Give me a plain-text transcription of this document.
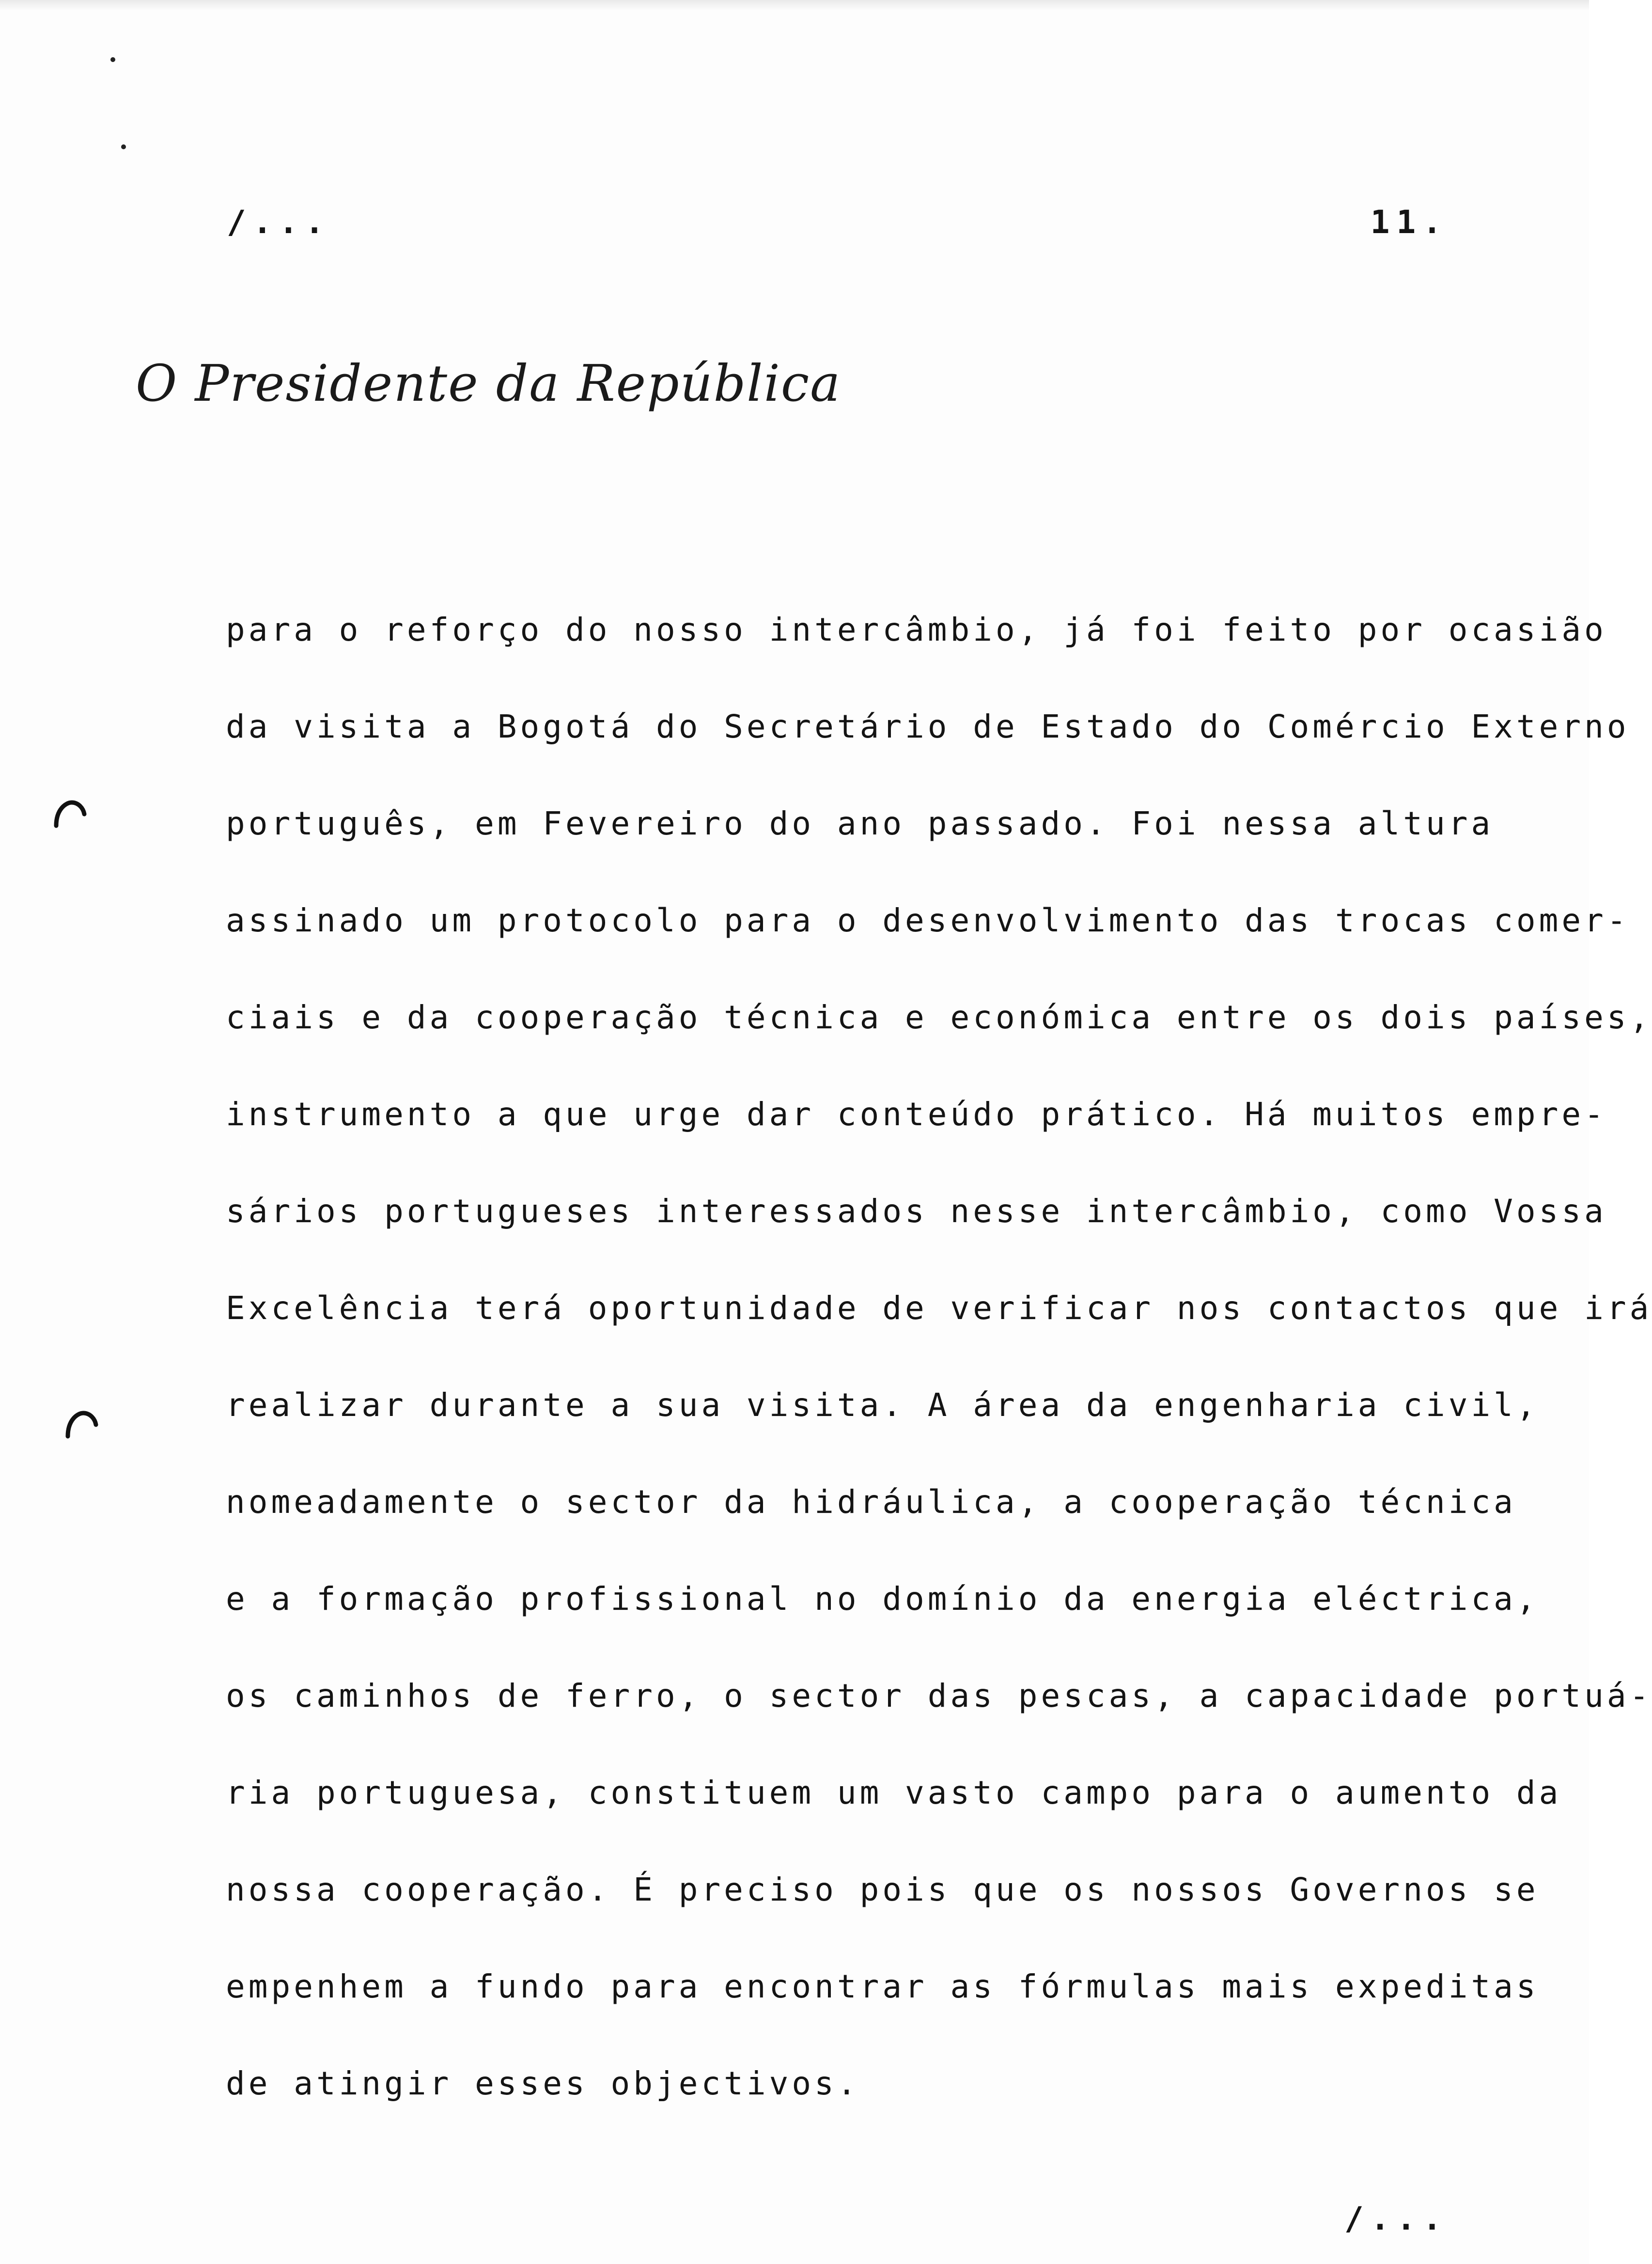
/...	11.
O Presidente da República
para o reforço do nosso intercâmbio, já foi feito por ocasião
da visita a Bogotá do Secretário de Estado do Comércio Externo
português, em Fevereiro do ano passado. Foi nessa altura
assinado um protocolo para o desenvolvimento das trocas comer-
ciais e da cooperação técnica e económica entre os dois países,
instrumento a que urge dar conteúdo prático. Há muitos empre-
sários portugueses interessados nesse intercâmbio, como Vossa
Excelência terá oportunidade de verificar nos contactos que irá
realizar durante a sua visita. A área da engenharia civil,
nomeadamente o sector da hidráulica, a cooperação técnica
e a formação profissional no domínio da energia eléctrica,
os caminhos de ferro, o sector das pescas, a capacidade portuá-
ria portuguesa, constituem um vasto campo para o aumento da
nossa cooperação. É preciso pois que os nossos Governos se
empenhem a fundo para encontrar as fórmulas mais expeditas
de atingir esses objectivos.
/...
